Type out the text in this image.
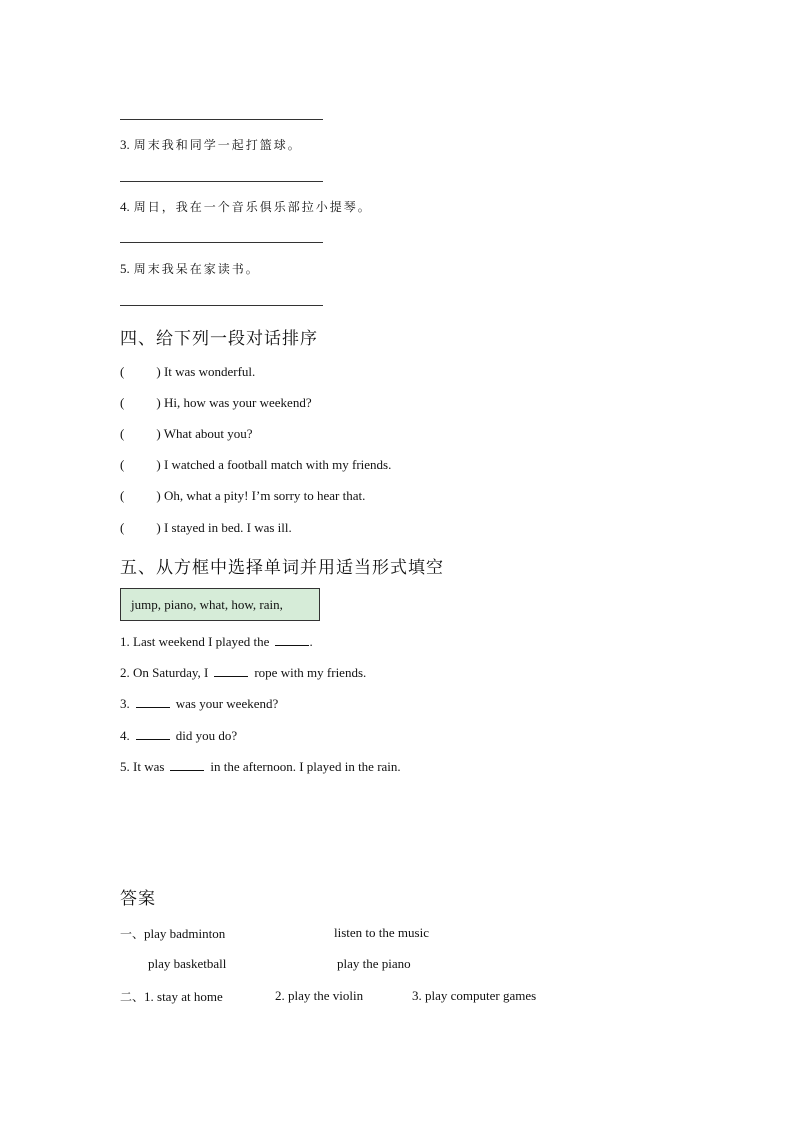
3. 周末我和同学一起打篮球。
4. 周日，我在一个音乐俱乐部拉小提琴。
5. 周末我呆在家读书。
四、给下列一段对话排序
( ) It was wonderful.
( ) Hi, how was your weekend?
( ) What about you?
( ) I watched a football match with my friends.
( ) Oh, what a pity! I’m sorry to hear that.
( ) I stayed in bed. I was ill.
五、从方框中选择单词并用适当形式填空
jump, piano, what, how, rain,
1. Last weekend I played the	.
2. On Saturday, I	rope with my friends.
3.	was your weekend?
4.	did you do?
5. It was	in the afternoon. I played in the rain.
答案
一、play badminton	listen to the music
play basketball	play the piano
二、1. stay at home	2. play the violin	3. play computer games
